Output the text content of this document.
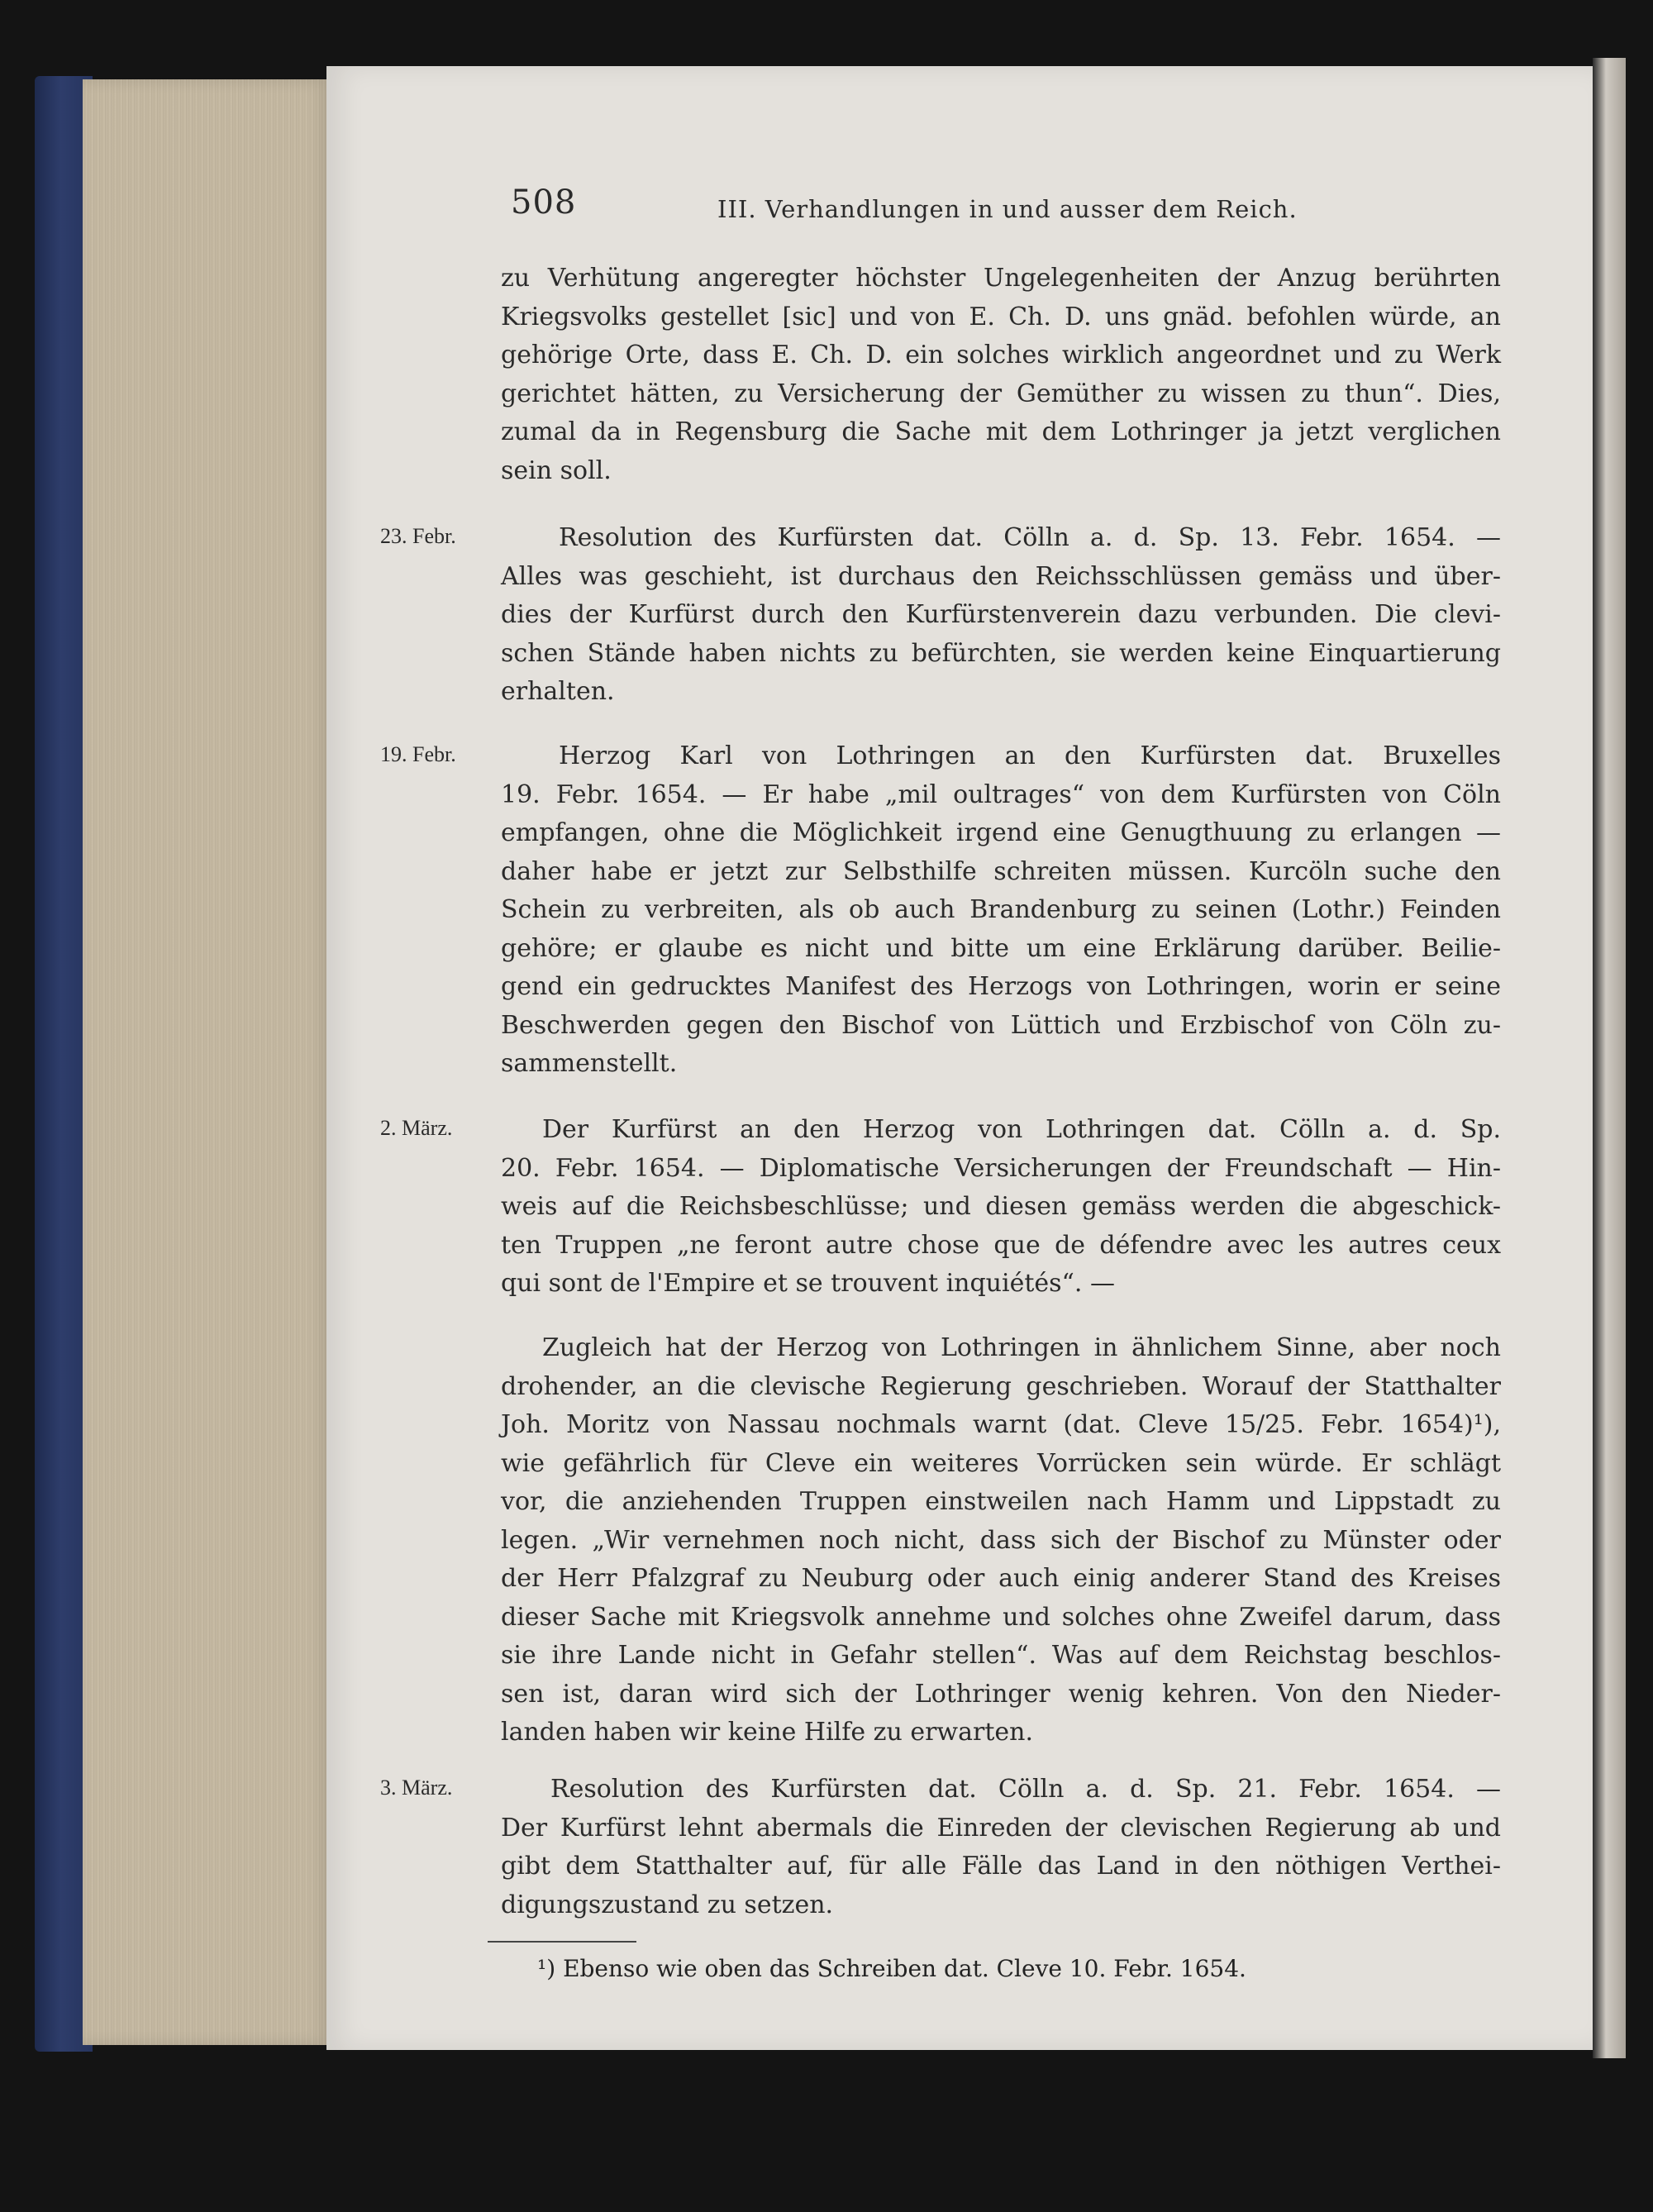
508	III. Verhandlungen in und ausser dem Reich.
zu Verhütung angeregter höchster Ungelegenheiten der Anzug berührten
Kriegsvolks gestellet [sic] und von E. Ch. D. uns gnäd. befohlen würde, an
gehörige Orte, dass E. Ch. D. ein solches wirklich angeordnet und zu Werk
gerichtet hätten, zu Versicherung der Gemüther zu wissen zu thun“. Dies,
zumal da in Regensburg die Sache mit dem Lothringer ja jetzt verglichen
sein soll.
23. Febr.	Resolution des Kurfürsten dat. Cölln a. d. Sp. 13. Febr. 1654. —
Alles was geschieht, ist durchaus den Reichsschlüssen gemäss und über-
dies der Kurfürst durch den Kurfürstenverein dazu verbunden. Die clevi-
schen Stände haben nichts zu befürchten, sie werden keine Einquartierung
erhalten.
19. Febr.	Herzog Karl von Lothringen an den Kurfürsten dat. Bruxelles
19. Febr. 1654. — Er habe „mil oultrages“ von dem Kurfürsten von Cöln
empfangen, ohne die Möglichkeit irgend eine Genugthuung zu erlangen —
daher habe er jetzt zur Selbsthilfe schreiten müssen. Kurcöln suche den
Schein zu verbreiten, als ob auch Brandenburg zu seinen (Lothr.) Feinden
gehöre; er glaube es nicht und bitte um eine Erklärung darüber. Beilie-
gend ein gedrucktes Manifest des Herzogs von Lothringen, worin er seine
Beschwerden gegen den Bischof von Lüttich und Erzbischof von Cöln zu-
sammenstellt.
2. März.	Der Kurfürst an den Herzog von Lothringen dat. Cölln a. d. Sp.
20. Febr. 1654. — Diplomatische Versicherungen der Freundschaft — Hin-
weis auf die Reichsbeschlüsse; und diesen gemäss werden die abgeschick-
ten Truppen „ne feront autre chose que de défendre avec les autres ceux
qui sont de l'Empire et se trouvent inquiétés“. —
Zugleich hat der Herzog von Lothringen in ähnlichem Sinne, aber noch
drohender, an die clevische Regierung geschrieben. Worauf der Statthalter
Joh. Moritz von Nassau nochmals warnt (dat. Cleve 15/25. Febr. 1654)¹),
wie gefährlich für Cleve ein weiteres Vorrücken sein würde. Er schlägt
vor, die anziehenden Truppen einstweilen nach Hamm und Lippstadt zu
legen. „Wir vernehmen noch nicht, dass sich der Bischof zu Münster oder
der Herr Pfalzgraf zu Neuburg oder auch einig anderer Stand des Kreises
dieser Sache mit Kriegsvolk annehme und solches ohne Zweifel darum, dass
sie ihre Lande nicht in Gefahr stellen“. Was auf dem Reichstag beschlos-
sen ist, daran wird sich der Lothringer wenig kehren. Von den Nieder-
landen haben wir keine Hilfe zu erwarten.
3. März.	Resolution des Kurfürsten dat. Cölln a. d. Sp. 21. Febr. 1654. —
Der Kurfürst lehnt abermals die Einreden der clevischen Regierung ab und
gibt dem Statthalter auf, für alle Fälle das Land in den nöthigen Verthei-
digungszustand zu setzen.
¹) Ebenso wie oben das Schreiben dat. Cleve 10. Febr. 1654.
